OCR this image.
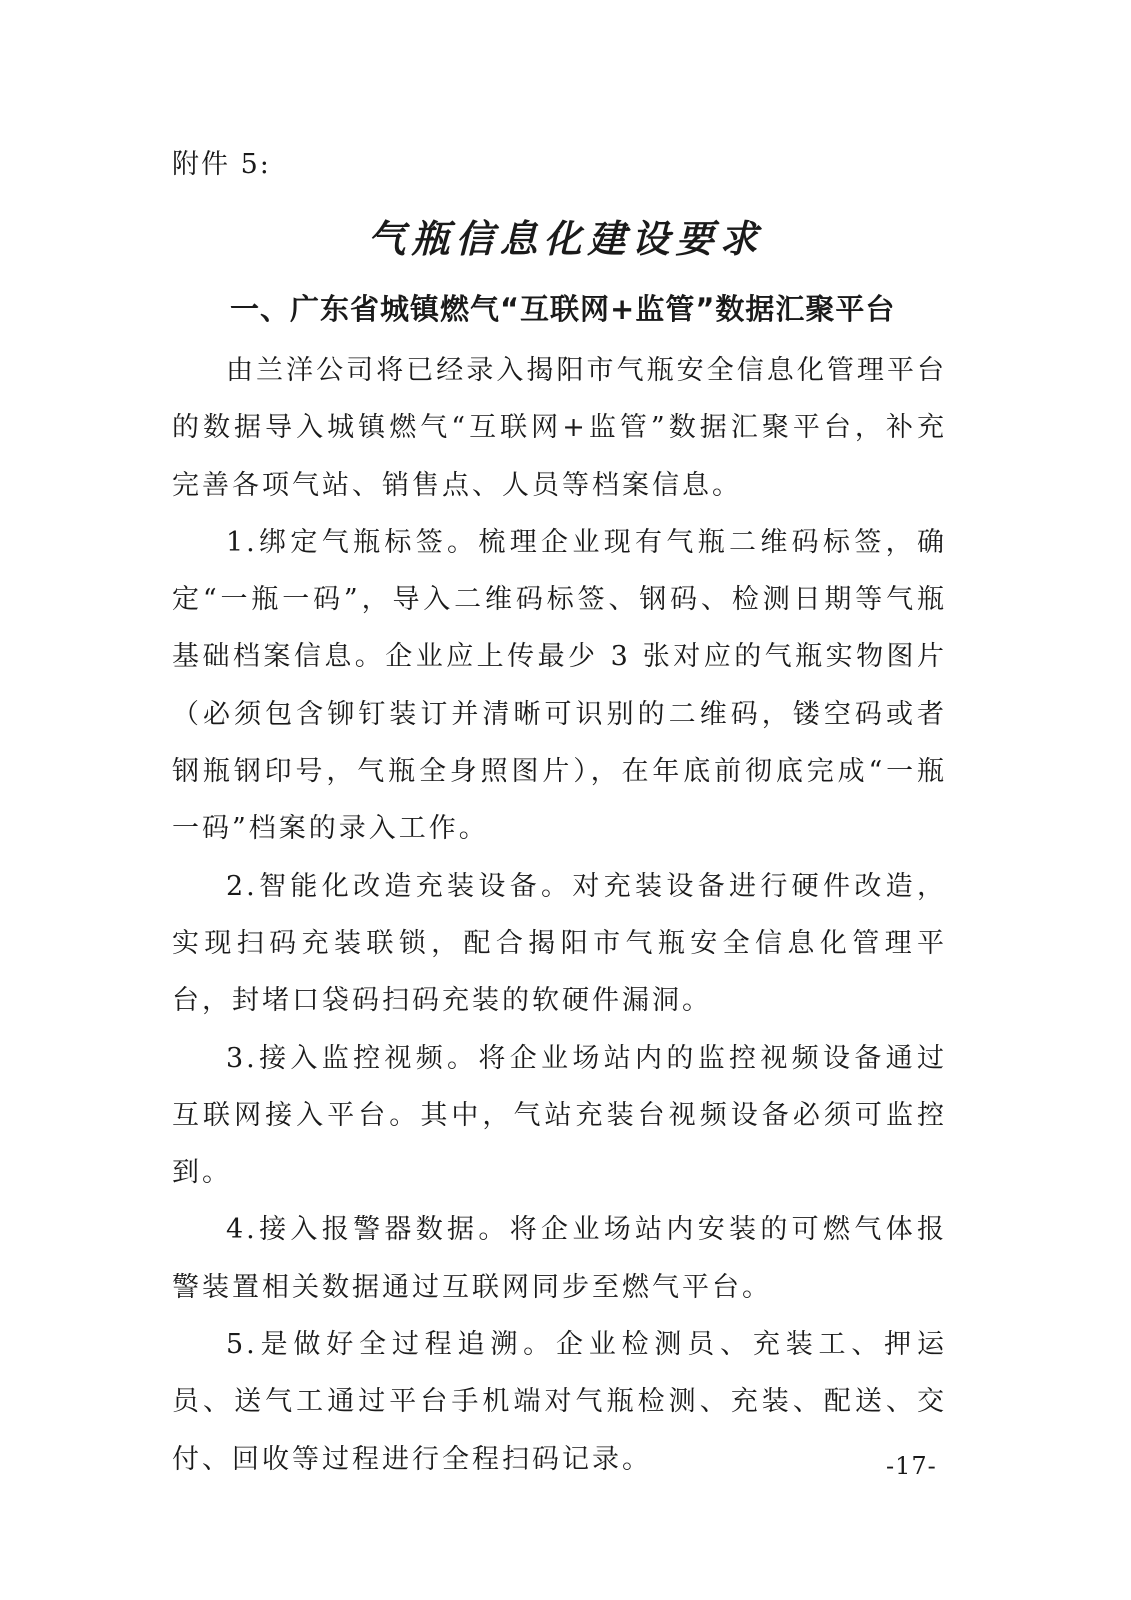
附件 5:
气瓶信息化建设要求
一、广东省城镇燃气“互联网+监管”数据汇聚平台

由兰洋公司将已经录入揭阳市气瓶安全信息化管理平台的数据导入城镇燃气“互联网+监管”数据汇聚平台，补充完善各项气站、销售点、人员等档案信息。

1.绑定气瓶标签。梳理企业现有气瓶二维码标签，确定“一瓶一码”，导入二维码标签、钢码、检测日期等气瓶基础档案信息。企业应上传最少 3 张对应的气瓶实物图片（必须包含铆钉装订并清晰可识别的二维码，镂空码或者钢瓶钢印号，气瓶全身照图片），在年底前彻底完成“一瓶一码”档案的录入工作。

2.智能化改造充装设备。对充装设备进行硬件改造，实现扫码充装联锁，配合揭阳市气瓶安全信息化管理平台，封堵口袋码扫码充装的软硬件漏洞。

3.接入监控视频。将企业场站内的监控视频设备通过互联网接入平台。其中，气站充装台视频设备必须可监控到。

4.接入报警器数据。将企业场站内安装的可燃气体报警装置相关数据通过互联网同步至燃气平台。

5.是做好全过程追溯。企业检测员、充装工、押运员、送气工通过平台手机端对气瓶检测、充装、配送、交付、回收等过程进行全程扫码记录。	-17-
